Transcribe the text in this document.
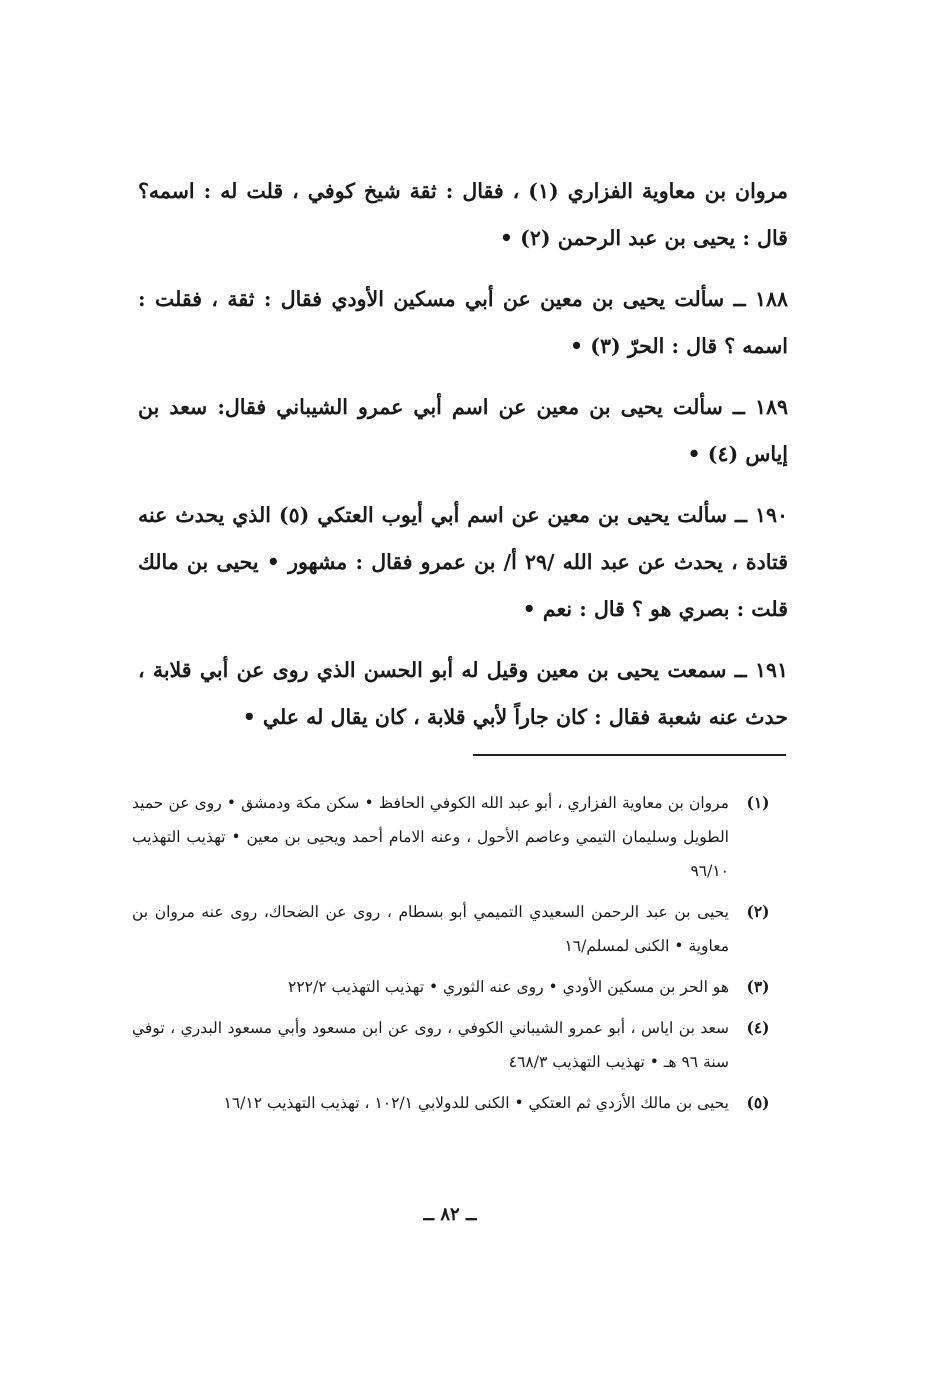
مروان بن معاوية الفزاري (١) ، فقال : ثقة شيخ كوفي ، قلت له : اسمه؟ قال : يحيى بن عبد الرحمن (٢) •

١٨٨ ــ سألت يحيى بن معين عن أبي مسكين الأودي فقال : ثقة ، فقلت : اسمه ؟ قال : الحرّ (٣) •

١٨٩ ــ سألت يحيى بن معين عن اسم أبي عمرو الشيباني فقال: سعد بن إياس (٤) •

١٩٠ ــ سألت يحيى بن معين عن اسم أبي أيوب العتكي (٥) الذي يحدث عنه قتادة ، يحدث عن عبد الله /٢٩ أ/ بن عمرو فقال : مشهور • يحيى بن مالك قلت : بصري هو ؟ قال : نعم •

١٩١ ــ سمعت يحيى بن معين وقيل له أبو الحسن الذي روى عن أبي قلابة ، حدث عنه شعبة فقال : كان جاراً لأبي قلابة ، كان يقال له علي •

(١)
مروان بن معاوية الفزاري ، أبو عبد الله الكوفي الحافظ • سكن مكة ودمشق • روى عن حميد الطويل وسليمان التيمي وعاصم الأحول ، وعنه الامام أحمد ويحيى بن معين • تهذيب التهذيب ٩٦/١٠
(٢)
يحيى بن عبد الرحمن السعيدي التميمي أبو بسطام ، روى عن الضحاك، روى عنه مروان بن معاوية • الكنى لمسلم/١٦
(٣)
هو الحر بن مسكين الأودي • روى عنه الثوري • تهذيب التهذيب ٢٢٢/٢
(٤)
سعد بن اياس ، أبو عمرو الشيباني الكوفي ، روى عن ابن مسعود وأبي مسعود البدري ، توفي سنة ٩٦ هـ • تهذيب التهذيب ٤٦٨/٣
(٥)
يحيى بن مالك الأزدي ثم العتكي • الكنى للدولابي ١٠٢/١ ، تهذيب التهذيب ١٦/١٢
ــ ٨٢ ــ
